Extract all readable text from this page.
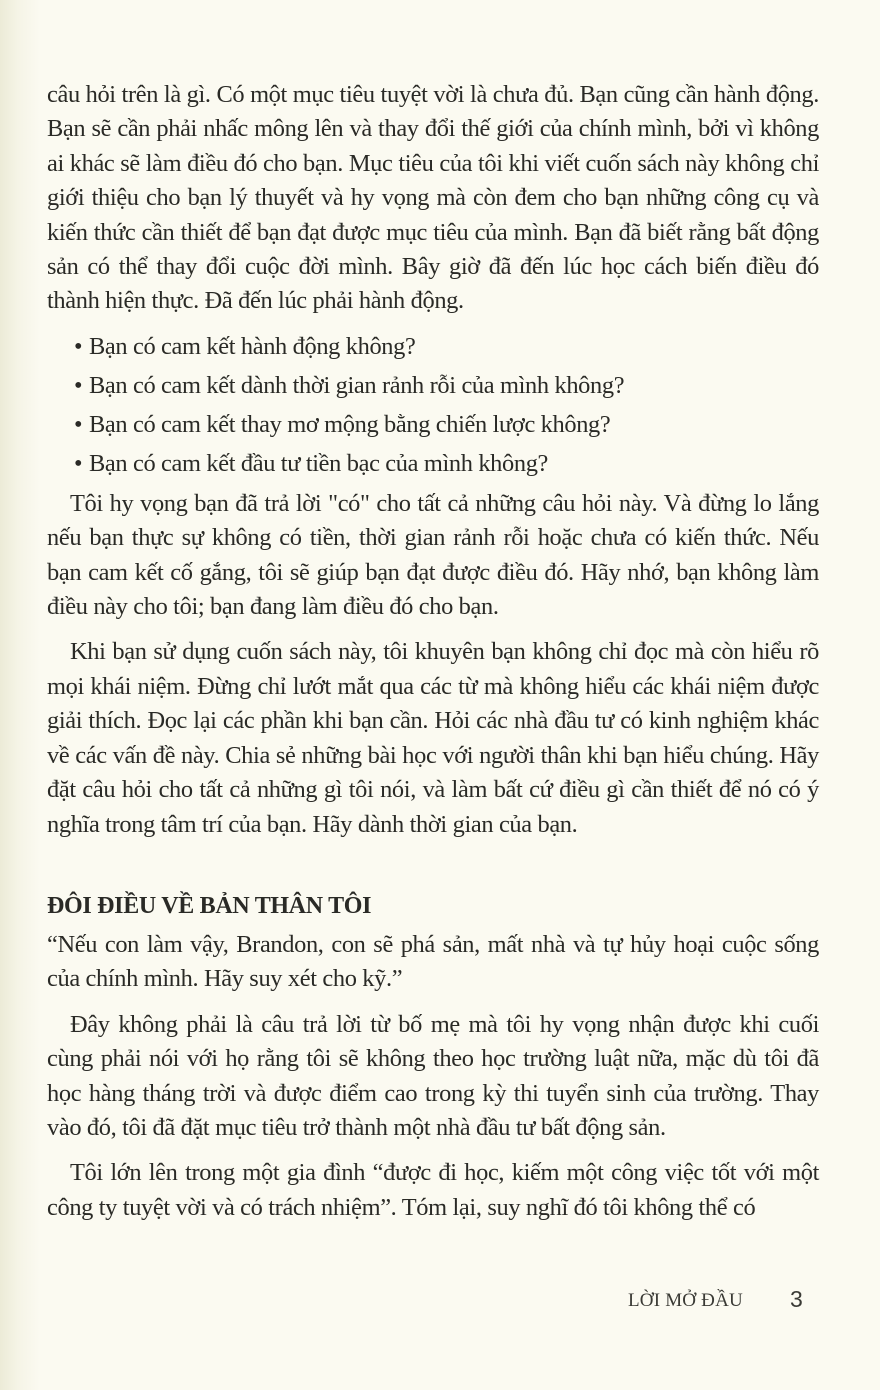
câu hỏi trên là gì. Có một mục tiêu tuyệt vời là chưa đủ. Bạn cũng cần hành động. Bạn sẽ cần phải nhấc mông lên và thay đổi thế giới của chính mình, bởi vì không ai khác sẽ làm điều đó cho bạn. Mục tiêu của tôi khi viết cuốn sách này không chỉ giới thiệu cho bạn lý thuyết và hy vọng mà còn đem cho bạn những công cụ và kiến thức cần thiết để bạn đạt được mục tiêu của mình. Bạn đã biết rằng bất động sản có thể thay đổi cuộc đời mình. Bây giờ đã đến lúc học cách biến điều đó thành hiện thực. Đã đến lúc phải hành động.

• Bạn có cam kết hành động không?
• Bạn có cam kết dành thời gian rảnh rỗi của mình không?
• Bạn có cam kết thay mơ mộng bằng chiến lược không?
• Bạn có cam kết đầu tư tiền bạc của mình không?

Tôi hy vọng bạn đã trả lời "có" cho tất cả những câu hỏi này. Và đừng lo lắng nếu bạn thực sự không có tiền, thời gian rảnh rỗi hoặc chưa có kiến thức. Nếu bạn cam kết cố gắng, tôi sẽ giúp bạn đạt được điều đó. Hãy nhớ, bạn không làm điều này cho tôi; bạn đang làm điều đó cho bạn.

Khi bạn sử dụng cuốn sách này, tôi khuyên bạn không chỉ đọc mà còn hiểu rõ mọi khái niệm. Đừng chỉ lướt mắt qua các từ mà không hiểu các khái niệm được giải thích. Đọc lại các phần khi bạn cần. Hỏi các nhà đầu tư có kinh nghiệm khác về các vấn đề này. Chia sẻ những bài học với người thân khi bạn hiểu chúng. Hãy đặt câu hỏi cho tất cả những gì tôi nói, và làm bất cứ điều gì cần thiết để nó có ý nghĩa trong tâm trí của bạn. Hãy dành thời gian của bạn.

ĐÔI ĐIỀU VỀ BẢN THÂN TÔI

“Nếu con làm vậy, Brandon, con sẽ phá sản, mất nhà và tự hủy hoại cuộc sống của chính mình. Hãy suy xét cho kỹ.”

Đây không phải là câu trả lời từ bố mẹ mà tôi hy vọng nhận được khi cuối cùng phải nói với họ rằng tôi sẽ không theo học trường luật nữa, mặc dù tôi đã học hàng tháng trời và được điểm cao trong kỳ thi tuyển sinh của trường. Thay vào đó, tôi đã đặt mục tiêu trở thành một nhà đầu tư bất động sản.

Tôi lớn lên trong một gia đình “được đi học, kiếm một công việc tốt với một công ty tuyệt vời và có trách nhiệm”. Tóm lại, suy nghĩ đó tôi không thể có

LỜI MỞ ĐẦU 3
